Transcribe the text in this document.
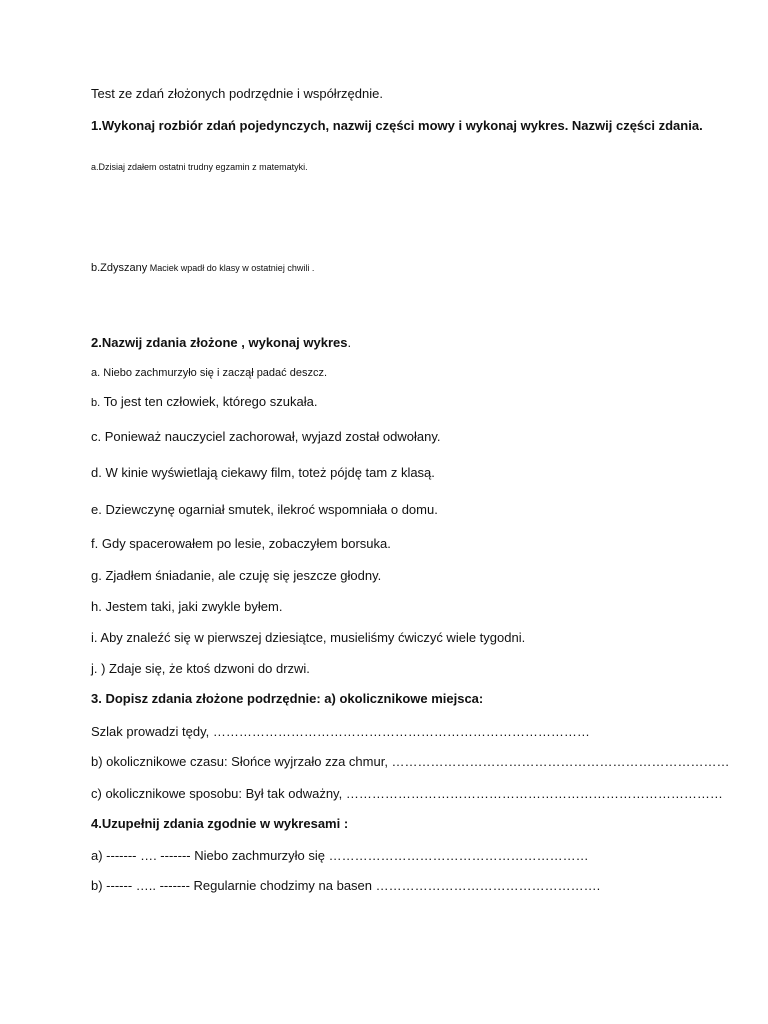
Test ze zdań złożonych podrzędnie i współrzędnie.
1.Wykonaj rozbiór zdań pojedynczych, nazwij części mowy i wykonaj wykres. Nazwij części zdania.
a.Dzisiaj zdałem ostatni trudny egzamin z matematyki.
b.Zdyszany Maciek wpadł do klasy w ostatniej chwili .
2.Nazwij zdania złożone , wykonaj wykres.
a. Niebo zachmurzyło się i zaczął padać deszcz.
b. To jest ten człowiek, którego szukała.
c. Ponieważ nauczyciel zachorował, wyjazd został odwołany.
d. W kinie wyświetlają ciekawy film, toteż pójdę tam z klasą.
e. Dziewczynę ogarniał smutek, ilekroć wspomniała o domu.
f. Gdy spacerowałem po lesie, zobaczyłem borsuka.
g. Zjadłem śniadanie, ale czuję się jeszcze głodny.
h. Jestem taki, jaki zwykle byłem.
i. Aby znaleźć się w pierwszej dziesiątce, musieliśmy ćwiczyć wiele tygodni.
j. ) Zdaje się, że ktoś dzwoni do drzwi.
3. Dopisz zdania złożone podrzędnie: a) okolicznikowe miejsca:
Szlak prowadzi tędy, ……………………………………………………………………………
b) okolicznikowe czasu: Słońce wyjrzało zza chmur, ……………………………………………………………………
c) okolicznikowe sposobu: Był tak odważny, ……………………………………………………………………………
4.Uzupełnij zdania zgodnie w wykresami :
a) ------- …. ------- Niebo zachmurzyło się ……………………………………………………
b) ------ ….. ------- Regularnie chodzimy na basen …………………………………………….
